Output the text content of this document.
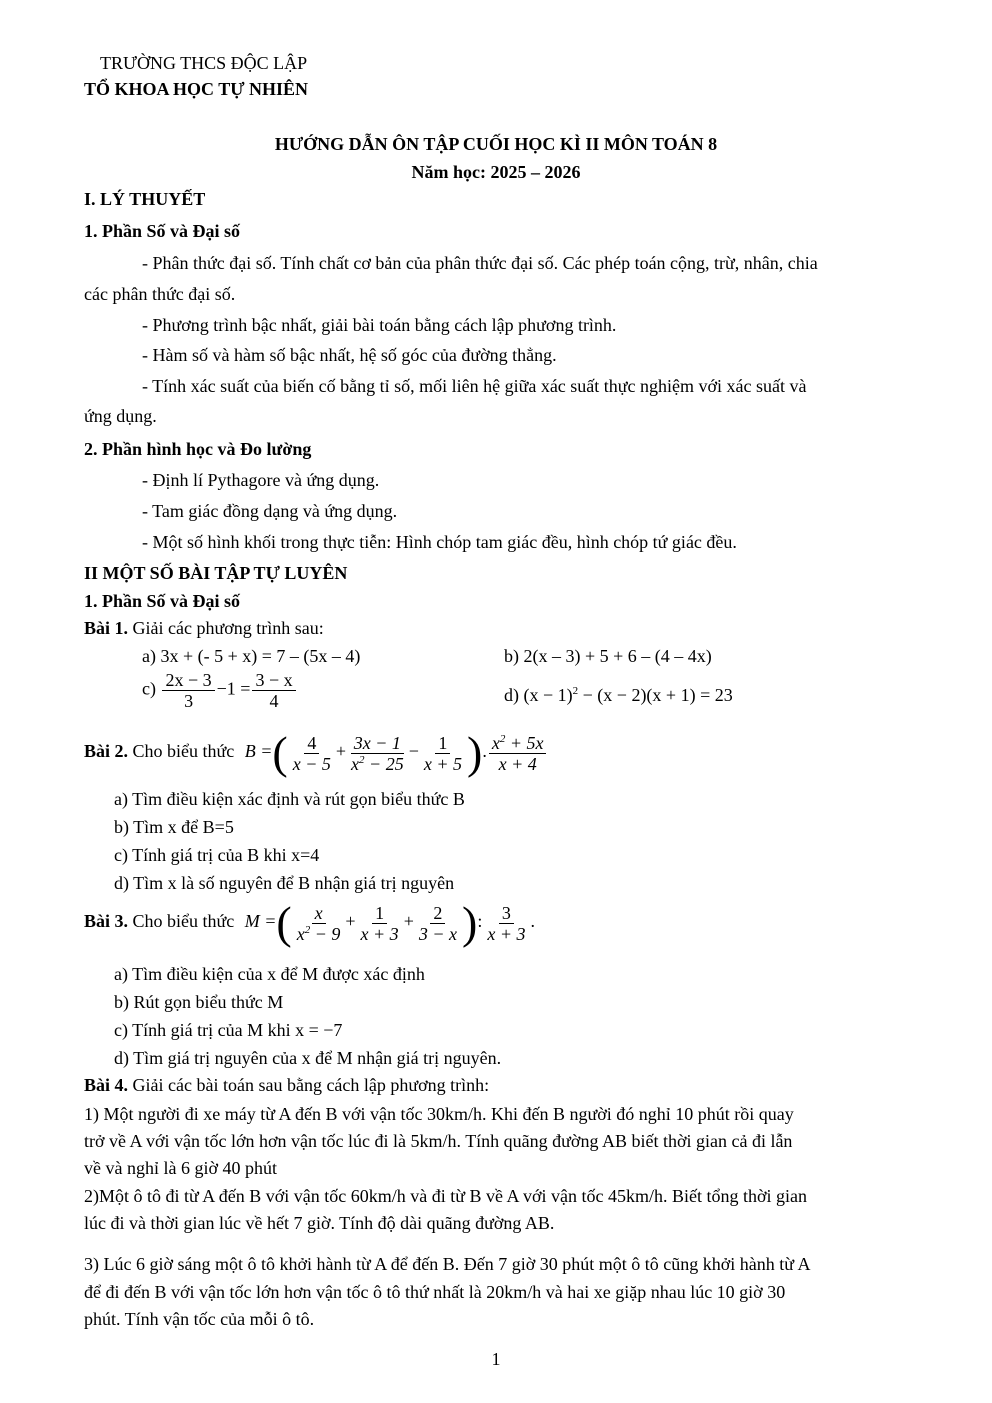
TRƯỜNG THCS ĐỘC LẬP
TỔ KHOA HỌC TỰ NHIÊN
HƯỚNG DẪN ÔN TẬP CUỐI HỌC KÌ II MÔN TOÁN 8
Năm học: 2025 – 2026
I. LÝ THUYẾT
1. Phần Số và Đại số
- Phân thức đại số. Tính chất cơ bản của phân thức đại số. Các phép toán cộng, trừ, nhân, chia
các phân thức đại số.
- Phương trình bậc nhất, giải bài toán bằng cách lập phương trình.
- Hàm số và hàm số bậc nhất, hệ số góc của đường thẳng.
- Tính xác suất của biến cố bằng tỉ số, mối liên hệ giữa xác suất thực nghiệm với xác suất và
ứng dụng.
2. Phần hình học và Đo lường
- Định lí Pythagore và ứng dụng.
- Tam giác đồng dạng và ứng dụng.
- Một số hình khối trong thực tiễn: Hình chóp tam giác đều, hình chóp tứ giác đều.
II MỘT SỐ BÀI TẬP TỰ LUYÊN
1. Phần Số và Đại số
Bài 1. Giải các phương trình sau:
a) 3x + (- 5 + x) = 7 – (5x – 4)	b) 2(x – 3) + 5 + 6 – (4 – 4x)
$c) \frac{2x - 3}{3} -1 = \frac{3 - x}{4}$	d) $(x - 1)^2 - (x - 2)(x + 1) = 23$
Bài 2. Cho biểu thức B =( $\frac{4}{x - 5} + \frac{3x - 1}{x^2 - 25} - \frac{1}{x + 5}$ ). $\frac{x^2 + 5x}{x + 4}$
a) Tìm điều kiện xác định và rút gọn biểu thức B
b) Tìm x để B=5
c) Tính giá trị của B khi x=4
d) Tìm x là số nguyên để B nhận giá trị nguyên
Bài 3. Cho biểu thức M =( $\frac{x}{x^2 - 9} + \frac{1}{x + 3} + \frac{2}{3 - x}$ ): $\frac{3}{x + 3}$ .
a) Tìm điều kiện của x để M được xác định
b) Rút gọn biểu thức M
c) Tính giá trị của M khi x = −7
d) Tìm giá trị nguyên của x để M nhận giá trị nguyên.
Bài 4. Giải các bài toán sau bằng cách lập phương trình:
1) Một người đi xe máy từ A đến B với vận tốc 30km/h. Khi đến B người đó nghỉ 10 phút rồi quay
trở về A với vận tốc lớn hơn vận tốc lúc đi là 5km/h. Tính quãng đường AB biết thời gian cả đi lẫn
về và nghỉ là 6 giờ 40 phút
2)Một ô tô đi từ A đến B với vận tốc 60km/h và đi từ B về A với vận tốc 45km/h. Biết tổng thời gian
lúc đi và thời gian lúc về hết 7 giờ. Tính độ dài quãng đường AB.
3) Lúc 6 giờ sáng một ô tô khởi hành từ A để đến B. Đến 7 giờ 30 phút một ô tô cũng khởi hành từ A
để đi đến B với vận tốc lớn hơn vận tốc ô tô thứ nhất là 20km/h và hai xe giặp nhau lúc 10 giờ 30
phút. Tính vận tốc của mỗi ô tô.
1
